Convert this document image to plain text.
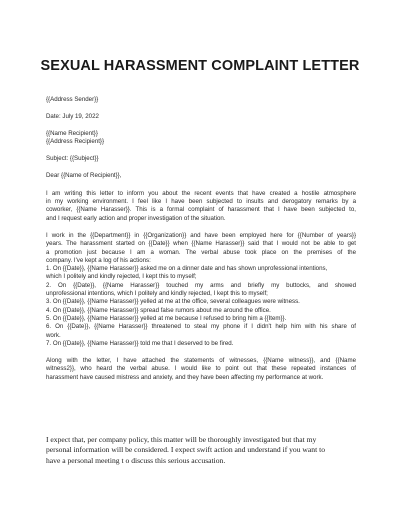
SEXUAL HARASSMENT COMPLAINT LETTER
{{Address Sender}}
Date: July 19, 2022
{{Name Recipient}}
{{Address Recipient}}
Subject: {{Subject}}
Dear {{Name of Recipient}},

I am writing this letter to inform you about the recent events that have created a hostile atmosphere
in my working environment. I feel like I have been subjected to insults and derogatory remarks by a
coworker, {{Name Harasser}}. This is a formal complaint of harassment that I have been subjected to,
and I request early action and proper investigation of the situation.

I work in the {{Department}} in {{Organization}} and have been employed here for {{Number of years}}
years. The harassment started on {{Date}} when {{Name Harasser}} said that I would not be able to get
a promotion just because I am a woman. The verbal abuse took place on the premises of the
company. I've kept a log of his actions:

1. On {{Date}}, {{Name Harasser}} asked me on a dinner date and has shown unprofessional intentions,
which I politely and kindly rejected, I kept this to myself;
2. On {{Date}}, {{Name Harasser}} touched my arms and briefly my buttocks, and showed
unprofessional intentions, which I politely and kindly rejected, I kept this to myself;
3. On {{Date}}, {{Name Harasser}} yelled at me at the office, several colleagues were witness.
4. On {{Date}}, {{Name Harasser}} spread false rumors about me around the office.
5. On {{Date}}, {{Name Harasser}} yelled at me because I refused to bring him a {{Item}}.
6. On {{Date}}, {{Name Harasser}} threatened to steal my phone if I didn't help him with his share of
work.
7. On {{Date}}, {{Name Harasser}} told me that I deserved to be fired.

Along with the letter, I have attached the statements of witnesses, {{Name witness}}, and {{Name
witness2}}, who heard the verbal abuse. I would like to point out that these repeated instances of
harassment have caused mistress and anxiety, and they have been affecting my performance at work.

I expect that, per company policy, this matter will be thoroughly investigated but that my
personal information will be considered. I expect swift action and understand if you want to
have a personal meeting t o discuss this serious accusation.
